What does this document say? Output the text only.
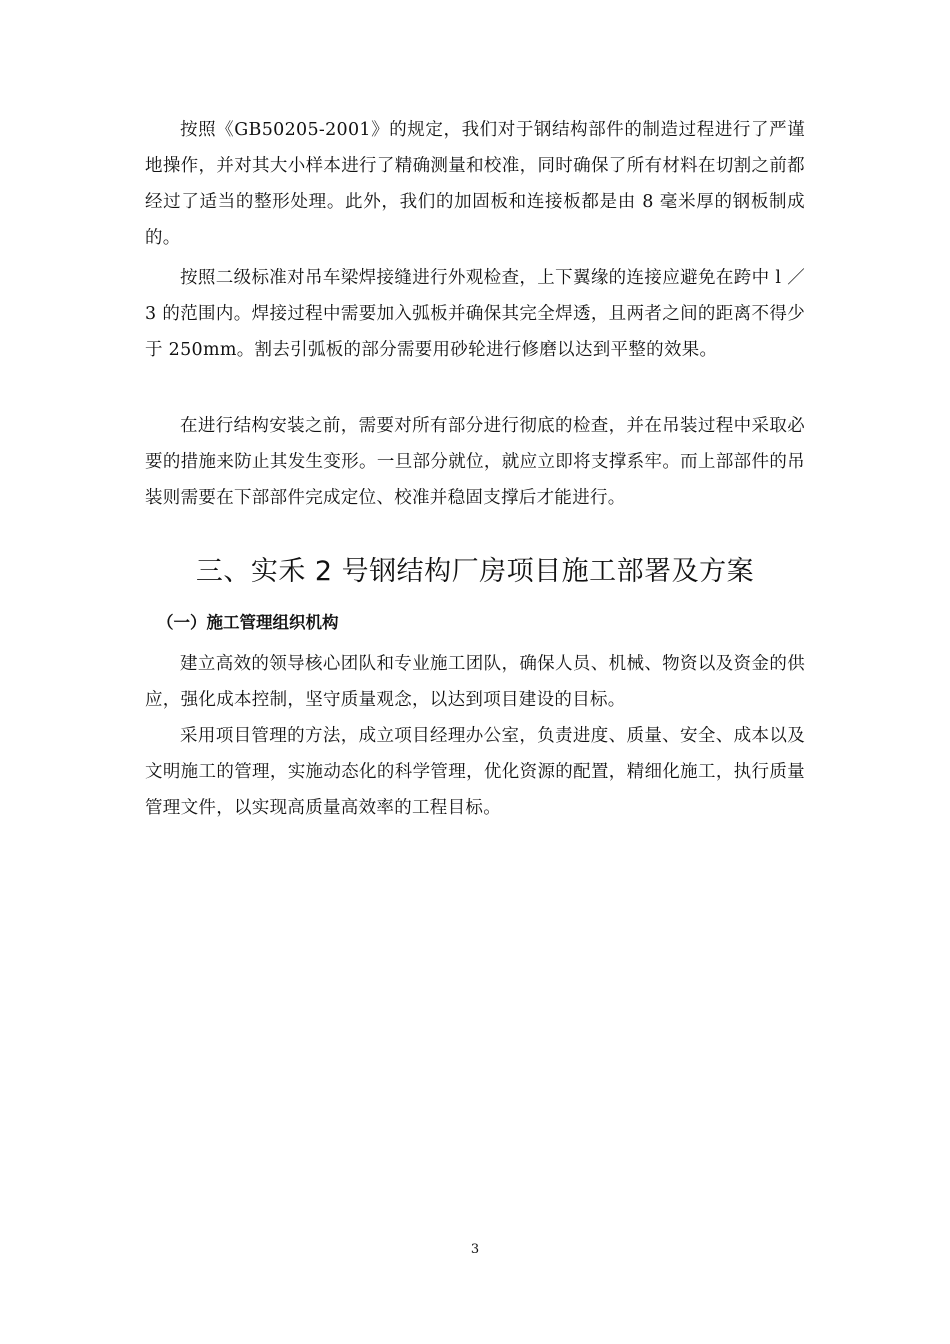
按照《GB50205-2001》的规定，我们对于钢结构部件的制造过程进行了严谨地操作，并对其大小样本进行了精确测量和校准，同时确保了所有材料在切割之前都经过了适当的整形处理。此外，我们的加固板和连接板都是由 8 毫米厚的钢板制成的。

按照二级标准对吊车梁焊接缝进行外观检查，上下翼缘的连接应避免在跨中 l ／ 3 的范围内。焊接过程中需要加入弧板并确保其完全焊透，且两者之间的距离不得少于 250mm。割去引弧板的部分需要用砂轮进行修磨以达到平整的效果。

在进行结构安装之前，需要对所有部分进行彻底的检查，并在吊装过程中采取必要的措施来防止其发生变形。一旦部分就位，就应立即将支撑系牢。而上部部件的吊装则需要在下部部件完成定位、校准并稳固支撑后才能进行。

三、实禾 2 号钢结构厂房项目施工部署及方案
（一）施工管理组织机构

建立高效的领导核心团队和专业施工团队，确保人员、机械、物资以及资金的供应，强化成本控制，坚守质量观念，以达到项目建设的目标。

采用项目管理的方法，成立项目经理办公室，负责进度、质量、安全、成本以及文明施工的管理，实施动态化的科学管理，优化资源的配置，精细化施工，执行质量管理文件，以实现高质量高效率的工程目标。

3
